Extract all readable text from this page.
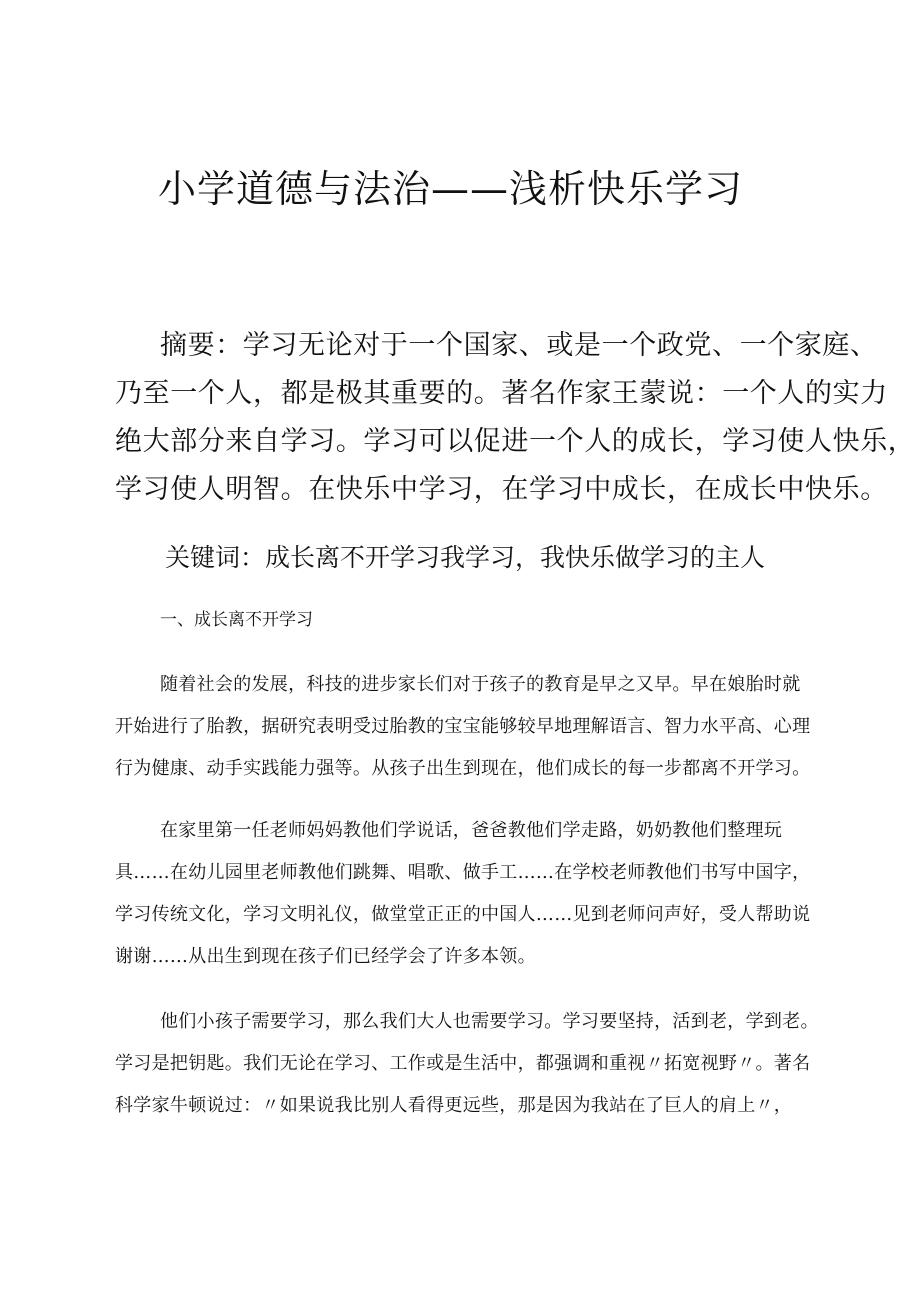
小学道德与法治——浅析快乐学习
摘要：学习无论对于一个国家、或是一个政党、一个家庭、
乃至一个人，都是极其重要的。著名作家王蒙说：一个人的实力
绝大部分来自学习。学习可以促进一个人的成长，学习使人快乐，
学习使人明智。在快乐中学习，在学习中成长，在成长中快乐。
关键词：成长离不开学习我学习，我快乐做学习的主人
一、成长离不开学习
随着社会的发展，科技的进步家长们对于孩子的教育是早之又早。早在娘胎时就
开始进行了胎教，据研究表明受过胎教的宝宝能够较早地理解语言、智力水平高、心理
行为健康、动手实践能力强等。从孩子出生到现在，他们成长的每一步都离不开学习。
在家里第一任老师妈妈教他们学说话，爸爸教他们学走路，奶奶教他们整理玩
具……在幼儿园里老师教他们跳舞、唱歌、做手工……在学校老师教他们书写中国字，
学习传统文化，学习文明礼仪，做堂堂正正的中国人……见到老师问声好，受人帮助说
谢谢……从出生到现在孩子们已经学会了许多本领。
他们小孩子需要学习，那么我们大人也需要学习。学习要坚持，活到老，学到老。
学习是把钥匙。我们无论在学习、工作或是生活中，都强调和重视〃拓宽视野〃。著名
科学家牛顿说过：〃如果说我比别人看得更远些，那是因为我站在了巨人的肩上〃，
